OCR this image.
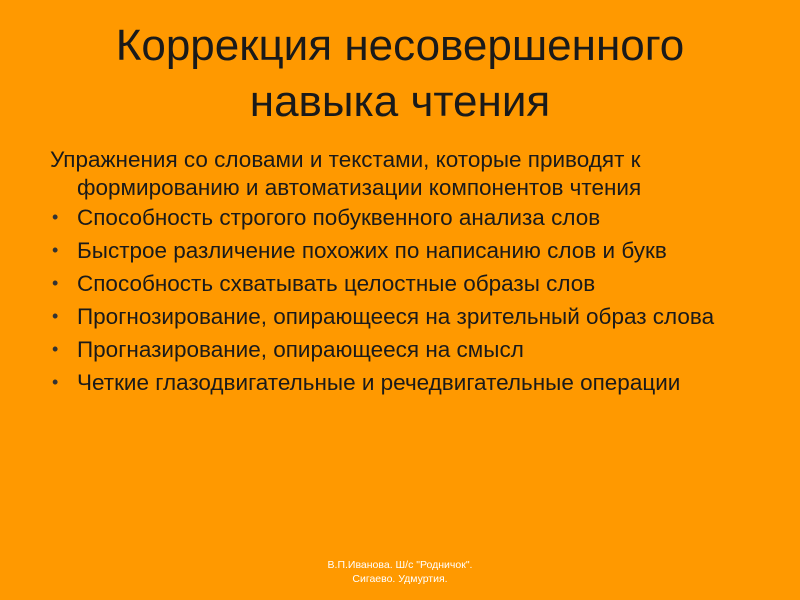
Коррекция несовершенного
навыка чтения

Упражнения со словами и текстами, которые приводят к формированию и автоматизации компонентов чтения

• Способность строгого побуквенного анализа слов
• Быстрое различение похожих по написанию слов и букв
• Способность схватывать целостные образы слов
• Прогнозирование, опирающееся на зрительный образ слова
• Прогназирование, опирающееся на смысл
• Четкие глазодвигательные и речедвигательные операции
В.П.Иванова. Ш/с "Родничок".
Сигаево. Удмуртия.
